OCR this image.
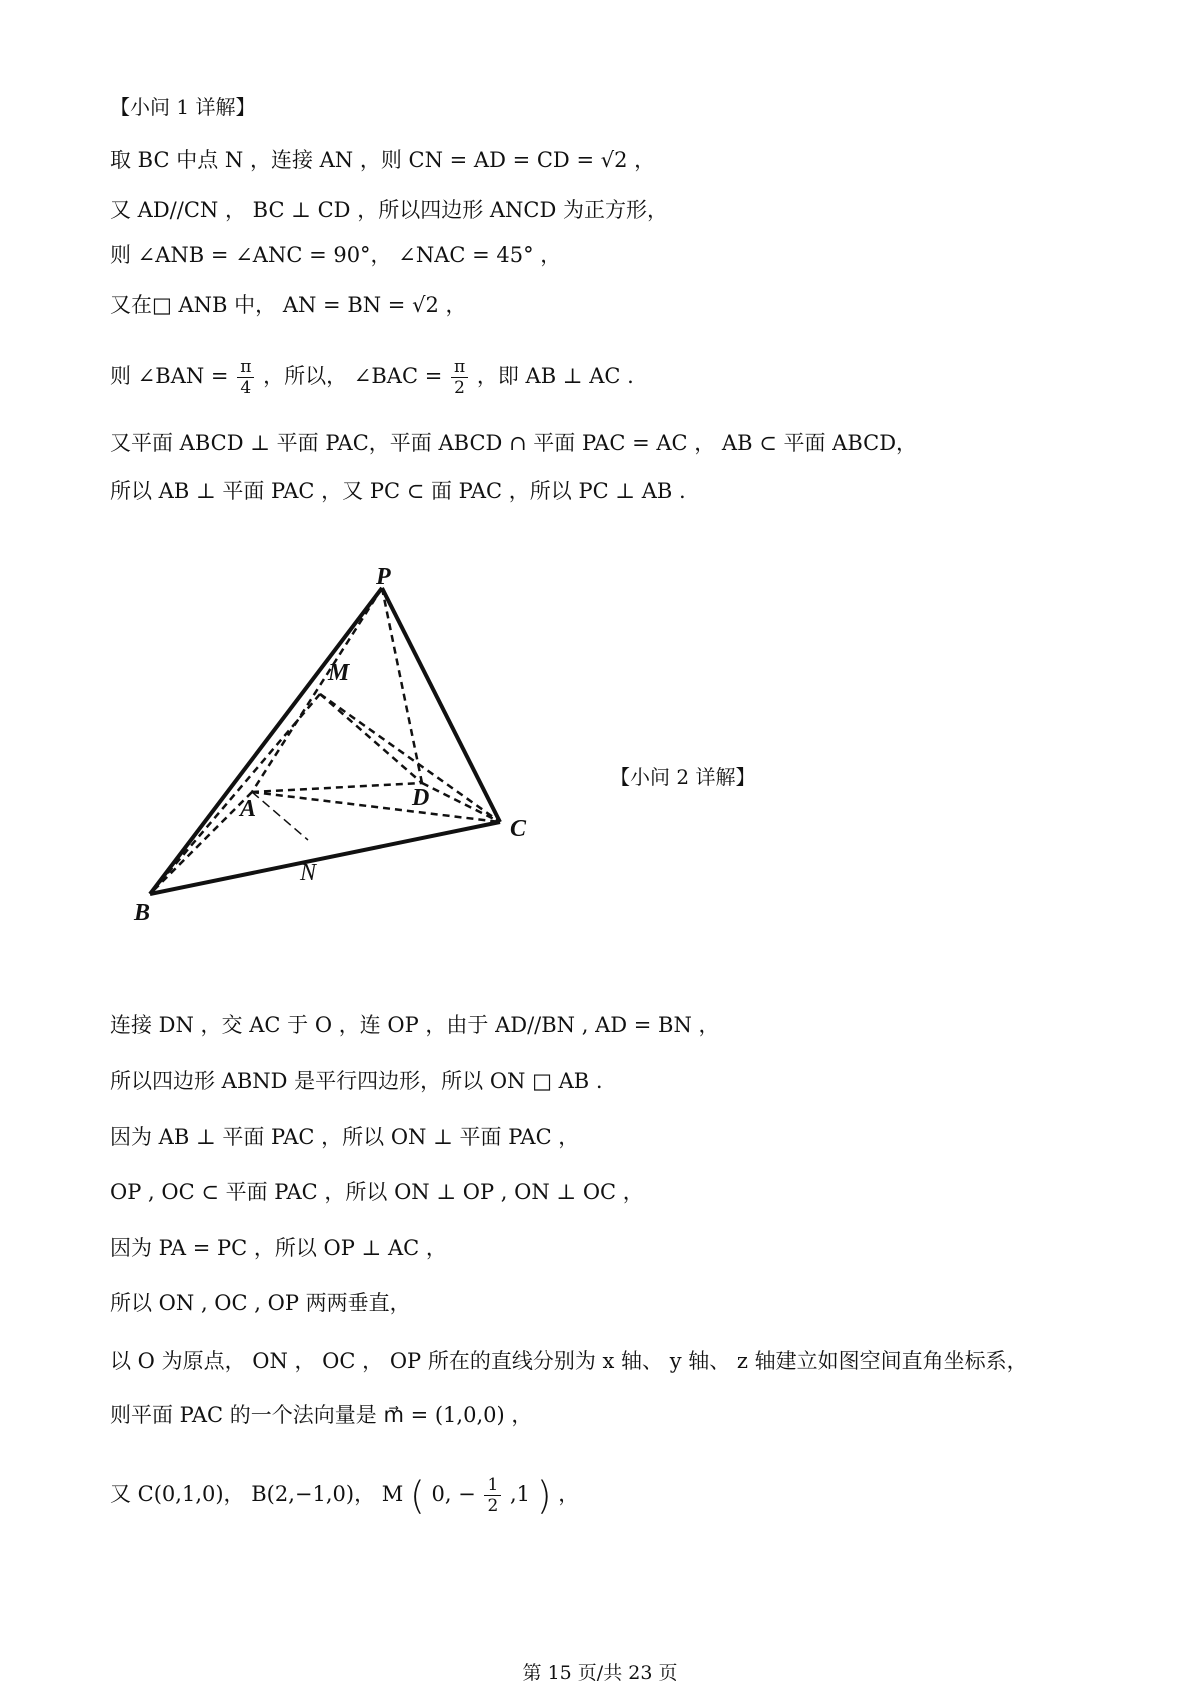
【小问 1 详解】
取 BC 中点 N ，连接 AN ，则 CN = AD = CD = √2 ，
又 AD//CN ， BC ⊥ CD ，所以四边形 ANCD 为正方形，
则 ∠ANB = ∠ANC = 90°， ∠NAC = 45° ，
又在□ ANB 中， AN = BN = √2 ，
则 ∠BAN = $\frac{\pi}{4}$ ，所以， ∠BAC = $\frac{\pi}{2}$ ，即 AB ⊥ AC .
又平面 ABCD ⊥ 平面 PAC，平面 ABCD ∩ 平面 PAC = AC ， AB ⊂ 平面 ABCD，
所以 AB ⊥ 平面 PAC ，又 PC ⊂ 面 PAC ，所以 PC ⊥ AB .
P
M
A	D
C
B
N
【小问 2 详解】
连接 DN ，交 AC 于 O ，连 OP ，由于 AD//BN , AD = BN ，
所以四边形 ABND 是平行四边形，所以 ON □ AB .
因为 AB ⊥ 平面 PAC ，所以 ON ⊥ 平面 PAC ，
OP , OC ⊂ 平面 PAC ，所以 ON ⊥ OP , ON ⊥ OC ，
因为 PA = PC ，所以 OP ⊥ AC ，
所以 ON , OC , OP 两两垂直，
以 O 为原点， ON ， OC ， OP 所在的直线分别为 x 轴、 y 轴、 z 轴建立如图空间直角坐标系，
则平面 PAC 的一个法向量是 m⃗ = (1,0,0) ，
又 C(0,1,0)， B(2,−1,0)， M ( 0, − $\frac{1}{2} ,1$ ) ，
第 15 页/共 23 页
